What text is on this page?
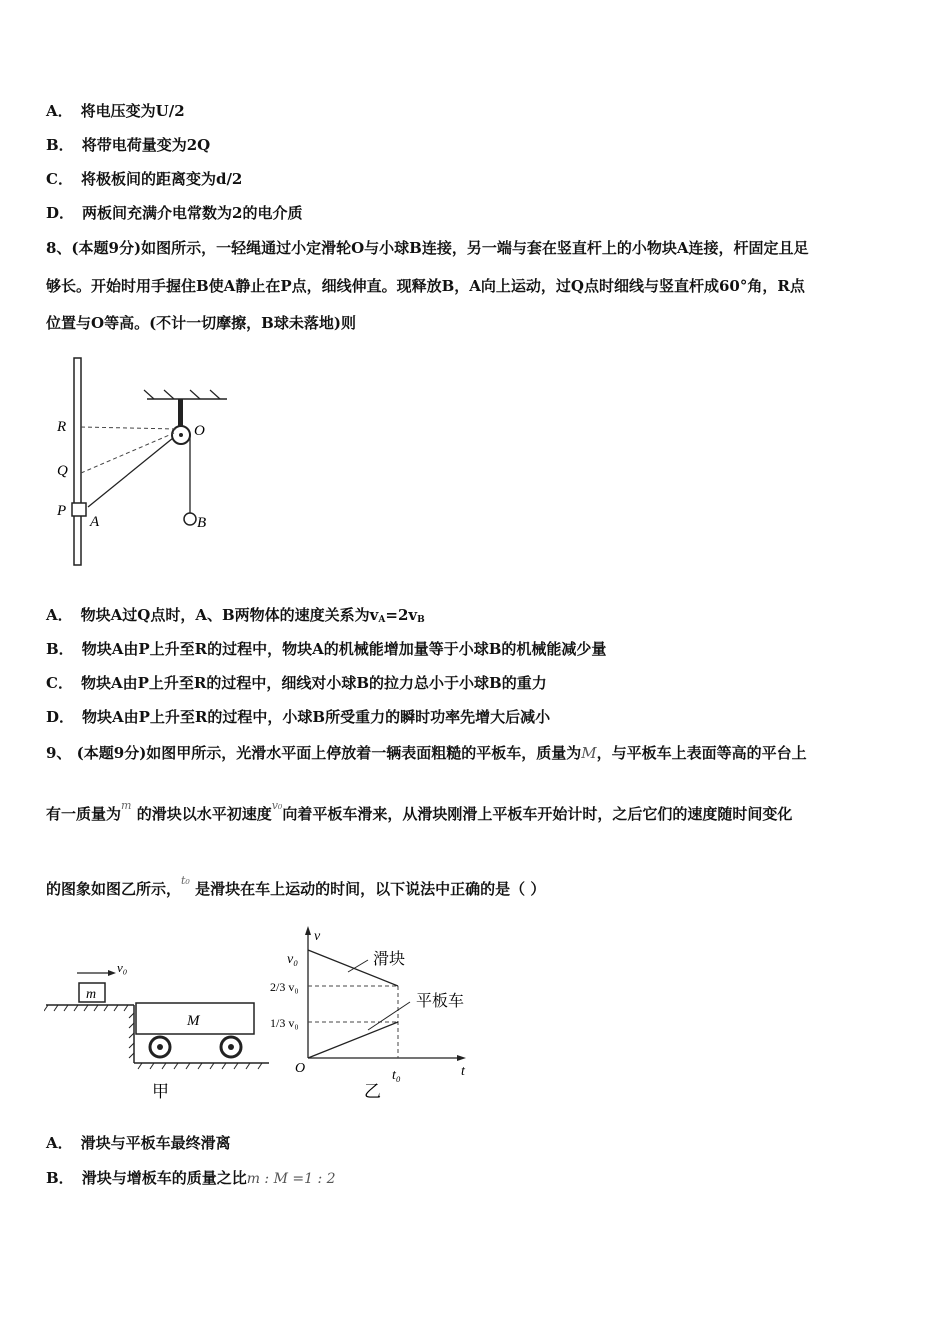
A． 将电压变为U/2
B． 将带电荷量变为2Q
C． 将极板间的距离变为d/2
D． 两板间充满介电常数为2的电介质
8、(本题9分)如图所示，一轻绳通过小定滑轮O与小球B连接，另一端与套在竖直杆上的小物块A连接，杆固定且足
够长。开始时用手握住B使A静止在P点，细线伸直。现释放B，A向上运动，过Q点时细线与竖直杆成60°角，R点
位置与O等高。(不计一切摩擦，B球未落地)则
R
Q
P
A
O
B
A． 物块A过Q点时，A、B两物体的速度关系为$v_A=2v_B$
B． 物块A由P上升至R的过程中，物块A的机械能增加量等于小球B的机械能减少量
C． 物块A由P上升至R的过程中，细线对小球B的拉力总小于小球B的重力
D． 物块A由P上升至R的过程中，小球B所受重力的瞬时功率先增大后减小
9、 (本题9分)如图甲所示，光滑水平面上停放着一辆表面粗糙的平板车，质量为M，与平板车上表面等高的平台上
有一质量为$^m$ 的滑块以水平初速度$^{v_0}$向着平板车滑来，从滑块刚滑上平板车开始计时，之后它们的速度随时间变化
的图象如图乙所示，$^{t_0}$ 是滑块在车上运动的时间，以下说法中正确的是（ ）
m
v₀
M
甲
v
t
O
v₀
2/3 v₀
1/3 v₀
t₀
滑块
平板车
乙
A． 滑块与平板车最终滑离
B． 滑块与增板车的质量之比m : M =1 : 2
